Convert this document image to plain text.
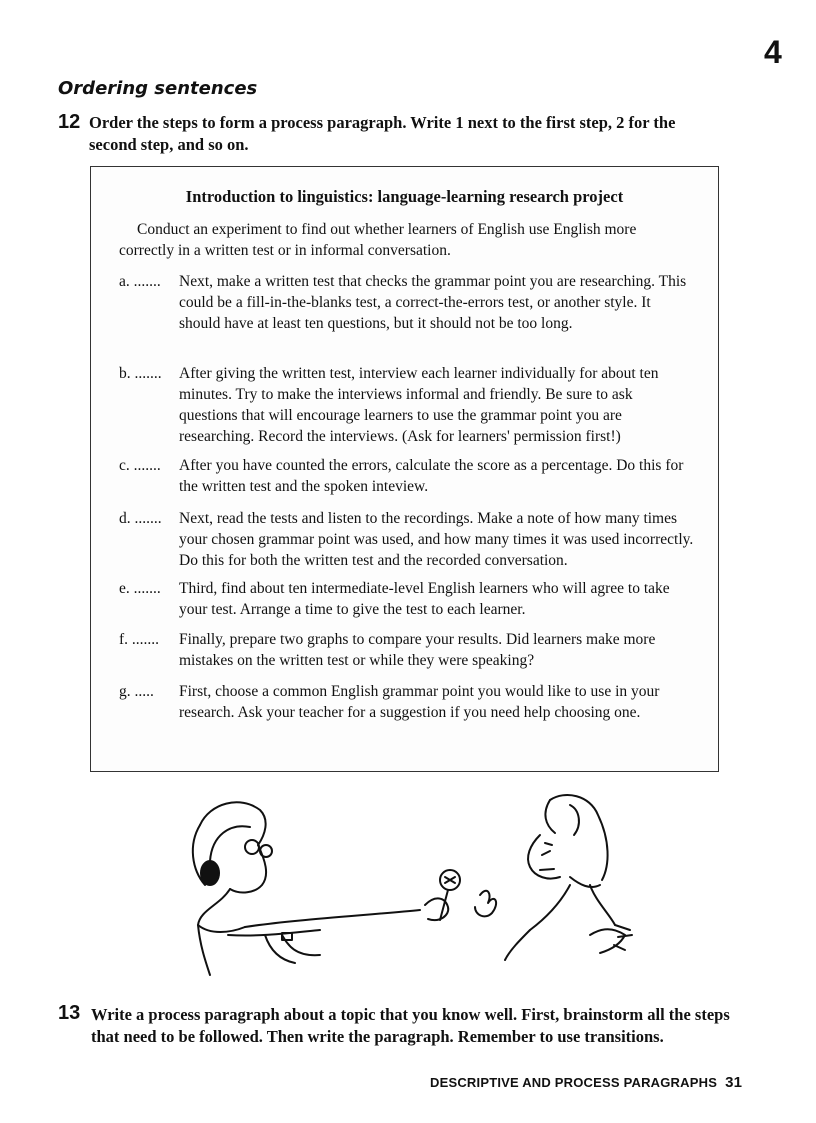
4
Ordering sentences
12 Order the steps to form a process paragraph. Write 1 next to the first step, 2 for the second step, and so on.
Introduction to linguistics: language-learning research project
Conduct an experiment to find out whether learners of English use English more correctly in a written test or in informal conversation.
a. ....... Next, make a written test that checks the grammar point you are researching. This could be a fill-in-the-blanks test, a correct-the-errors test, or another style. It should have at least ten questions, but it should not be too long.
b. ....... After giving the written test, interview each learner individually for about ten minutes. Try to make the interviews informal and friendly. Be sure to ask questions that will encourage learners to use the grammar point you are researching. Record the interviews. (Ask for learners' permission first!)
c. ....... After you have counted the errors, calculate the score as a percentage. Do this for the written test and the spoken inteview.
d. ....... Next, read the tests and listen to the recordings. Make a note of how many times your chosen grammar point was used, and how many times it was used incorrectly. Do this for both the written test and the recorded conversation.
e. ....... Third, find about ten intermediate-level English learners who will agree to take your test. Arrange a time to give the test to each learner.
f. ....... Finally, prepare two graphs to compare your results. Did learners make more mistakes on the written test or while they were speaking?
g. ..... First, choose a common English grammar point you would like to use in your research. Ask your teacher for a suggestion if you need help choosing one.
13 Write a process paragraph about a topic that you know well. First, brainstorm all the steps that need to be followed. Then write the paragraph. Remember to use transitions.
DESCRIPTIVE AND PROCESS PARAGRAPHS 31
